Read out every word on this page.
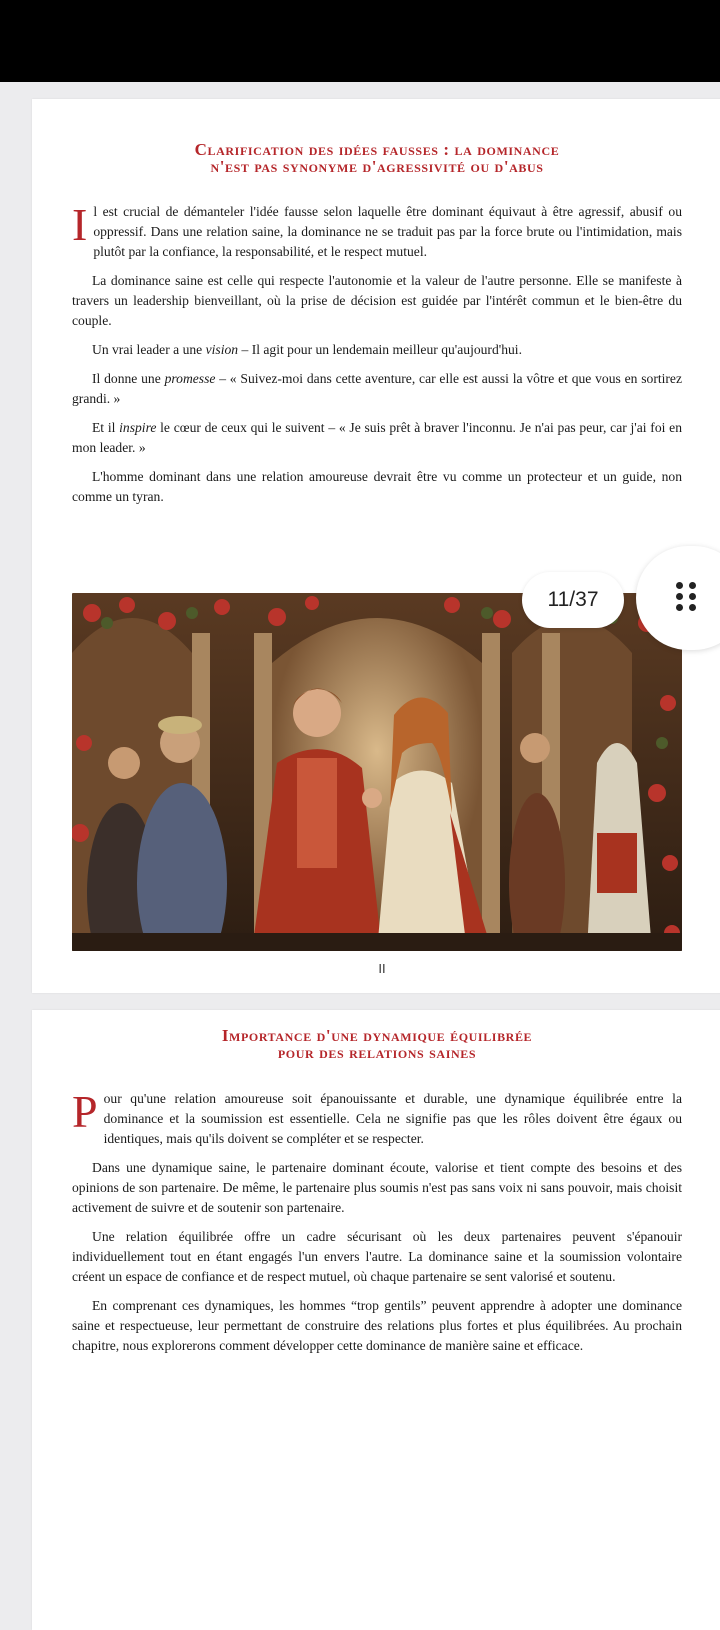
Clarification des idées fausses : la dominance
n'est pas synonyme d'agressivité ou d'abus

Il est crucial de démanteler l'idée fausse selon laquelle être dominant équivaut à être agressif, abusif ou oppressif. Dans une relation saine, la dominance ne se traduit pas par la force brute ou l'intimidation, mais plutôt par la confiance, la responsabilité, et le respect mutuel.

La dominance saine est celle qui respecte l'autonomie et la valeur de l'autre personne. Elle se manifeste à travers un leadership bienveillant, où la prise de décision est guidée par l'intérêt commun et le bien-être du couple.

Un vrai leader a une vision – Il agit pour un lendemain meilleur qu'aujourd'hui.

Il donne une promesse – « Suivez-moi dans cette aventure, car elle est aussi la vôtre et que vous en sortirez grandi. »

Et il inspire le cœur de ceux qui le suivent – « Je suis prêt à braver l'inconnu. Je n'ai pas peur, car j'ai foi en mon leader. »

L'homme dominant dans une relation amoureuse devrait être vu comme un protecteur et un guide, non comme un tyran.

II
Importance d'une dynamique équilibrée
pour des relations saines

Pour qu'une relation amoureuse soit épanouissante et durable, une dynamique équilibrée entre la dominance et la soumission est essentielle. Cela ne signifie pas que les rôles doivent être égaux ou identiques, mais qu'ils doivent se compléter et se respecter.

Dans une dynamique saine, le partenaire dominant écoute, valorise et tient compte des besoins et des opinions de son partenaire. De même, le partenaire plus soumis n'est pas sans voix ni sans pouvoir, mais choisit activement de suivre et de soutenir son partenaire.

Une relation équilibrée offre un cadre sécurisant où les deux partenaires peuvent s'épanouir individuellement tout en étant engagés l'un envers l'autre. La dominance saine et la soumission volontaire créent un espace de confiance et de respect mutuel, où chaque partenaire se sent valorisé et soutenu.

En comprenant ces dynamiques, les hommes “trop gentils” peuvent apprendre à adopter une dominance saine et respectueuse, leur permettant de construire des relations plus fortes et plus équilibrées. Au prochain chapitre, nous explorerons comment développer cette dominance de manière saine et efficace.

11/37
